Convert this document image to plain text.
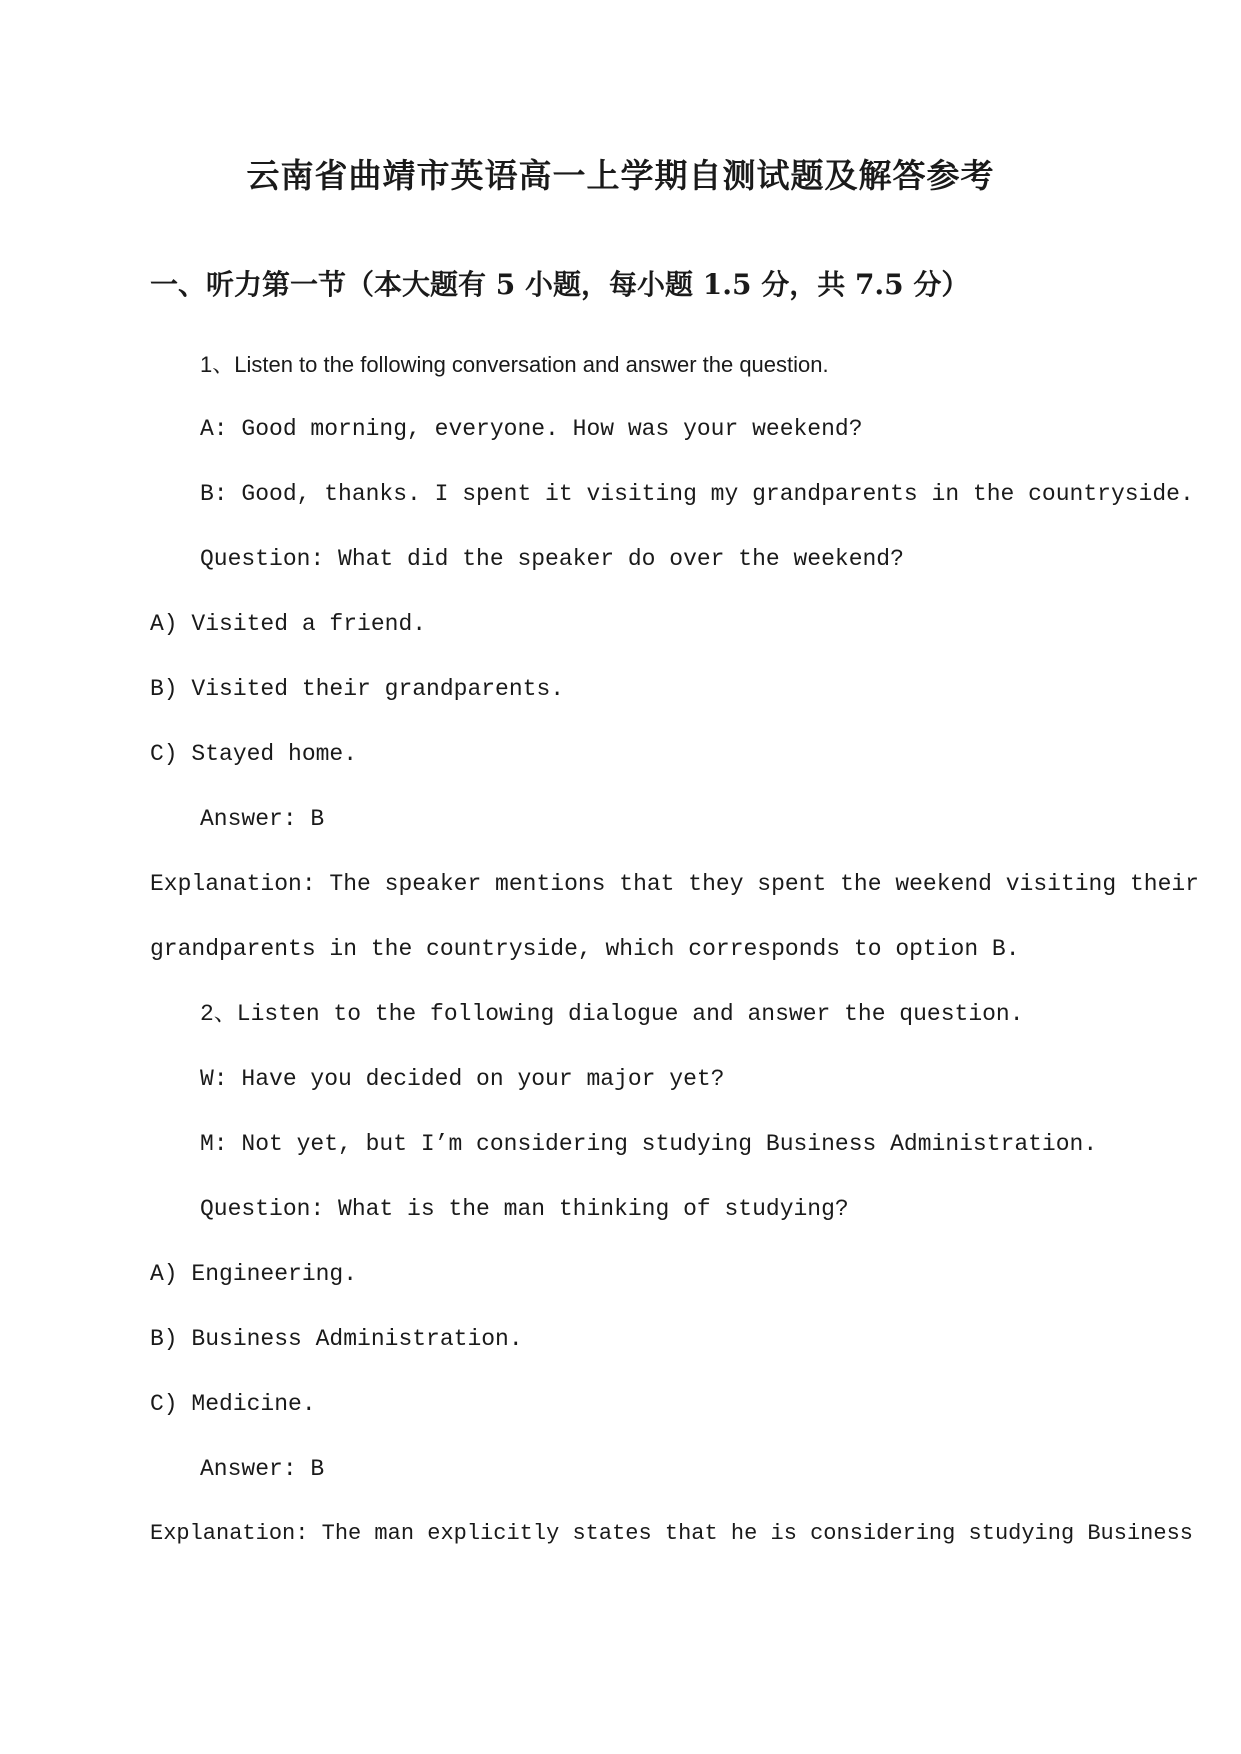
云南省曲靖市英语高一上学期自测试题及解答参考
一、听力第一节（本大题有 5 小题，每小题 1.5 分，共 7.5 分）
1、Listen to the following conversation and answer the question.
A: Good morning, everyone. How was your weekend?
B: Good, thanks. I spent it visiting my grandparents in the countryside.
Question: What did the speaker do over the weekend?
A) Visited a friend.
B) Visited their grandparents.
C) Stayed home.
Answer: B
Explanation: The speaker mentions that they spent the weekend visiting their
grandparents in the countryside, which corresponds to option B.
2、Listen to the following dialogue and answer the question.
W: Have you decided on your major yet?
M: Not yet, but I’m considering studying Business Administration.
Question: What is the man thinking of studying?
A) Engineering.
B) Business Administration.
C) Medicine.
Answer: B
Explanation: The man explicitly states that he is considering studying Business
